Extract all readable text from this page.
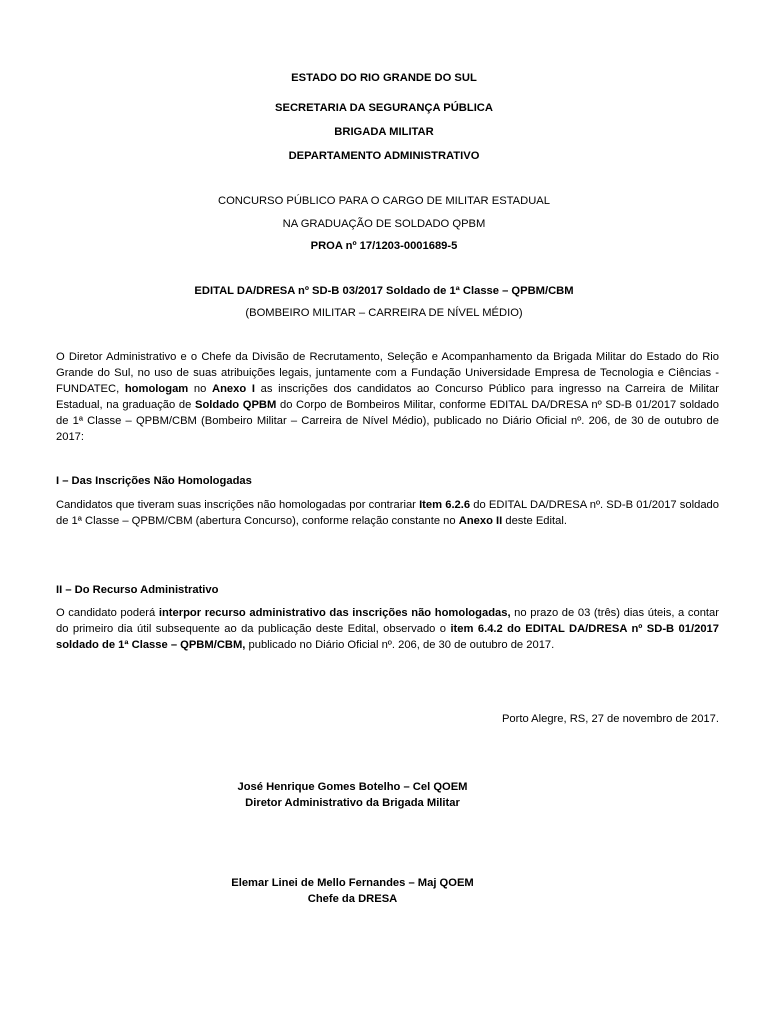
ESTADO DO RIO GRANDE DO SUL
SECRETARIA DA SEGURANÇA PÚBLICA
BRIGADA MILITAR
DEPARTAMENTO ADMINISTRATIVO
CONCURSO PÚBLICO PARA O CARGO DE MILITAR ESTADUAL
NA GRADUAÇÃO DE SOLDADO QPBM
PROA nº 17/1203-0001689-5
EDITAL DA/DRESA nº SD-B 03/2017 Soldado de 1ª Classe – QPBM/CBM
(BOMBEIRO MILITAR – CARREIRA DE NÍVEL MÉDIO)
O Diretor Administrativo e o Chefe da Divisão de Recrutamento, Seleção e Acompanhamento da Brigada Militar do Estado do Rio Grande do Sul, no uso de suas atribuições legais, juntamente com a Fundação Universidade Empresa de Tecnologia e Ciências - FUNDATEC, homologam no Anexo I as inscrições dos candidatos ao Concurso Público para ingresso na Carreira de Militar Estadual, na graduação de Soldado QPBM do Corpo de Bombeiros Militar, conforme EDITAL DA/DRESA nº SD-B 01/2017 soldado de 1ª Classe – QPBM/CBM (Bombeiro Militar – Carreira de Nível Médio), publicado no Diário Oficial nº. 206, de 30 de outubro de 2017:
I – Das Inscrições Não Homologadas
Candidatos que tiveram suas inscrições não homologadas por contrariar Item 6.2.6 do EDITAL DA/DRESA nº. SD-B 01/2017 soldado de 1ª Classe – QPBM/CBM (abertura Concurso), conforme relação constante no Anexo II deste Edital.
II – Do Recurso Administrativo
O candidato poderá interpor recurso administrativo das inscrições não homologadas, no prazo de 03 (três) dias úteis, a contar do primeiro dia útil subsequente ao da publicação deste Edital, observado o item 6.4.2 do EDITAL DA/DRESA nº SD-B 01/2017 soldado de 1ª Classe – QPBM/CBM, publicado no Diário Oficial nº. 206, de 30 de outubro de 2017.
Porto Alegre, RS, 27 de novembro de 2017.
José Henrique Gomes Botelho – Cel QOEM
Diretor Administrativo da Brigada Militar
Elemar Linei de Mello Fernandes – Maj QOEM
Chefe da DRESA
